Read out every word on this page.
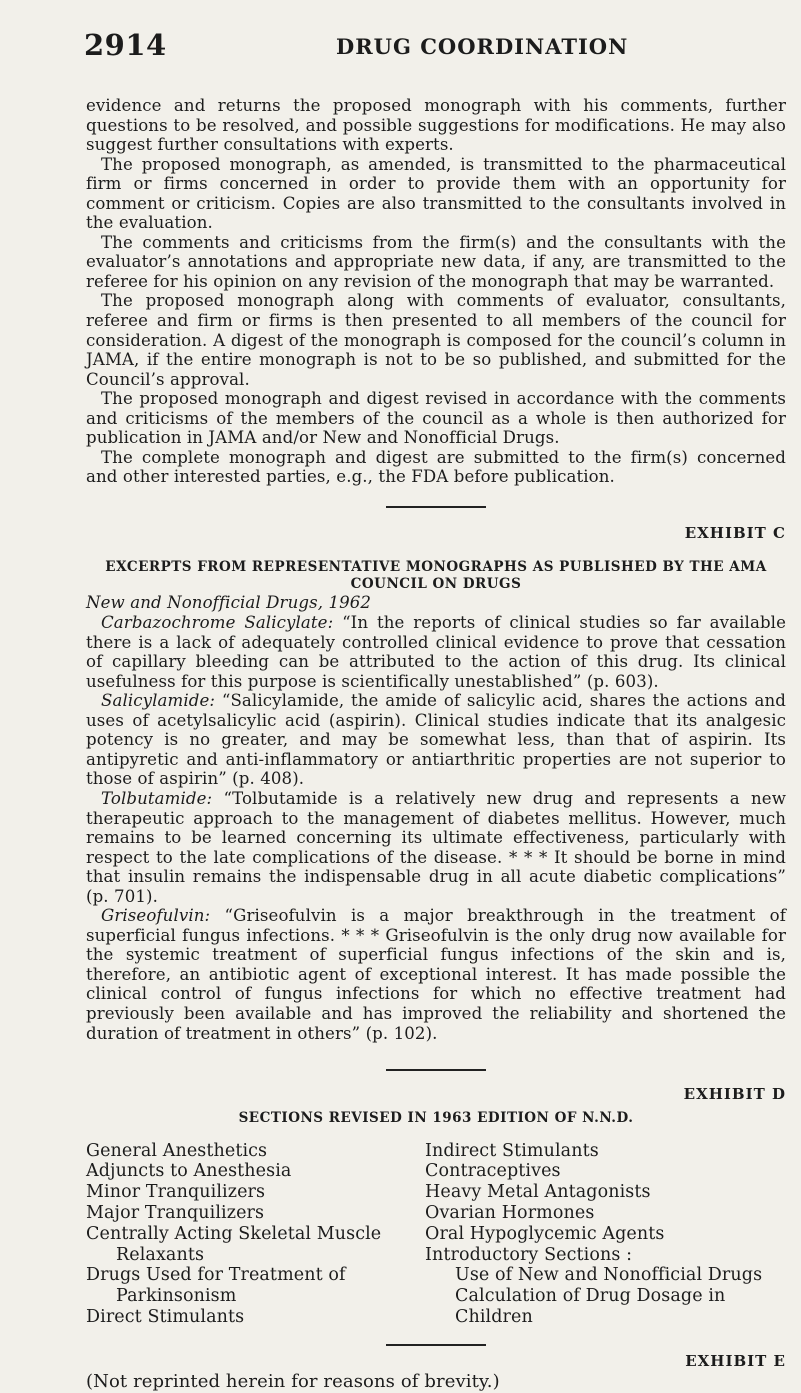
2914	DRUG COORDINATION

evidence and returns the proposed monograph with his comments, further questions to be resolved, and possible suggestions for modifications. He may also suggest further consultations with experts.

The proposed monograph, as amended, is transmitted to the pharmaceutical firm or firms concerned in order to provide them with an opportunity for comment or criticism. Copies are also transmitted to the consultants involved in the evaluation.

The comments and criticisms from the firm(s) and the consultants with the evaluator’s annotations and appropriate new data, if any, are transmitted to the referee for his opinion on any revision of the monograph that may be warranted.

The proposed monograph along with comments of evaluator, consultants, referee and firm or firms is then presented to all members of the council for consideration. A digest of the monograph is composed for the council’s column in JAMA, if the entire monograph is not to be so published, and submitted for the Council’s approval.

The proposed monograph and digest revised in accordance with the comments and criticisms of the members of the council as a whole is then authorized for publication in JAMA and/or New and Nonofficial Drugs.

The complete monograph and digest are submitted to the firm(s) concerned and other interested parties, e.g., the FDA before publication.

EXHIBIT C

EXCERPTS FROM REPRESENTATIVE MONOGRAPHS AS PUBLISHED BY THE AMA COUNCIL ON DRUGS

New and Nonofficial Drugs, 1962

Carbazochrome Salicylate: “In the reports of clinical studies so far available there is a lack of adequately controlled clinical evidence to prove that cessation of capillary bleeding can be attributed to the action of this drug. Its clinical usefulness for this purpose is scientifically unestablished” (p. 603).

Salicylamide: “Salicylamide, the amide of salicylic acid, shares the actions and uses of acetylsalicylic acid (aspirin). Clinical studies indicate that its analgesic potency is no greater, and may be somewhat less, than that of aspirin. Its antipyretic and anti-inflammatory or antiarthritic properties are not superior to those of aspirin” (p. 408).

Tolbutamide: “Tolbutamide is a relatively new drug and represents a new therapeutic approach to the management of diabetes mellitus. However, much remains to be learned concerning its ultimate effectiveness, particularly with respect to the late complications of the disease. * * * It should be borne in mind that insulin remains the indispensable drug in all acute diabetic complications” (p. 701).

Griseofulvin: “Griseofulvin is a major breakthrough in the treatment of superficial fungus infections. * * * Griseofulvin is the only drug now available for the systemic treatment of superficial fungus infections of the skin and is, therefore, an antibiotic agent of exceptional interest. It has made possible the clinical control of fungus infections for which no effective treatment had previously been available and has improved the reliability and shortened the duration of treatment in others” (p. 102).

EXHIBIT D

SECTIONS REVISED IN 1963 EDITION OF N.N.D.

General Anesthetics
Adjuncts to Anesthesia
Minor Tranquilizers
Major Tranquilizers
Centrally Acting Skeletal Muscle
Relaxants
Drugs Used for Treatment of
Parkinsonism
Direct Stimulants
Indirect Stimulants
Contraceptives
Heavy Metal Antagonists
Ovarian Hormones
Oral Hypoglycemic Agents
Introductory Sections :
Use of New and Nonofficial Drugs
Calculation of Drug Dosage in
Children

EXHIBIT E

(Not reprinted herein for reasons of brevity.)
